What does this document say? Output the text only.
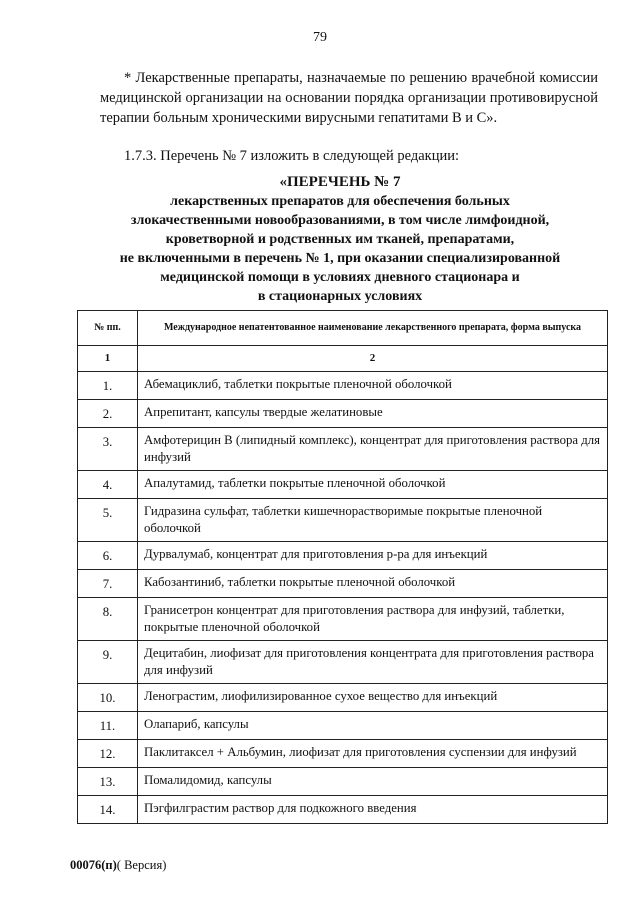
79
* Лекарственные препараты, назначаемые по решению врачебной комиссии медицинской организации на основании порядка организации противовирусной терапии больным хроническими вирусными гепатитами В и С».
1.7.3. Перечень № 7 изложить в следующей редакции:
«ПЕРЕЧЕНЬ № 7
лекарственных препаратов для обеспечения больных
злокачественными новообразованиями, в том числе лимфоидной,
кроветворной и родственных им тканей, препаратами,
не включенными в перечень № 1, при оказании специализированной
медицинской помощи в условиях дневного стационара и
в стационарных условиях
№ пп.	Международное непатентованное наименование лекарственного препарата, форма выпуска
1	2
1.	Абемациклиб, таблетки покрытые пленочной оболочкой
2.	Апрепитант, капсулы твердые желатиновые
3.	Амфотерицин В (липидный комплекс), концентрат для приготовления раствора для инфузий
4.	Апалутамид, таблетки покрытые пленочной оболочкой
5.	Гидразина сульфат, таблетки кишечнорастворимые покрытые пленочной оболочкой
6.	Дурвалумаб, концентрат для приготовления р-ра для инъекций
7.	Кабозантиниб, таблетки покрытые пленочной оболочкой
8.	Гранисетрон концентрат для приготовления раствора для инфузий, таблетки, покрытые пленочной оболочкой
9.	Децитабин, лиофизат для приготовления концентрата для приготовления раствора для инфузий
10.	Ленограстим, лиофилизированное сухое вещество для инъекций
11.	Олапариб, капсулы
12.	Паклитаксел + Альбумин, лиофизат для приготовления суспензии для инфузий
13.	Помалидомид, капсулы
14.	Пэгфилграстим раствор для подкожного введения
00076(п)( Версия)
